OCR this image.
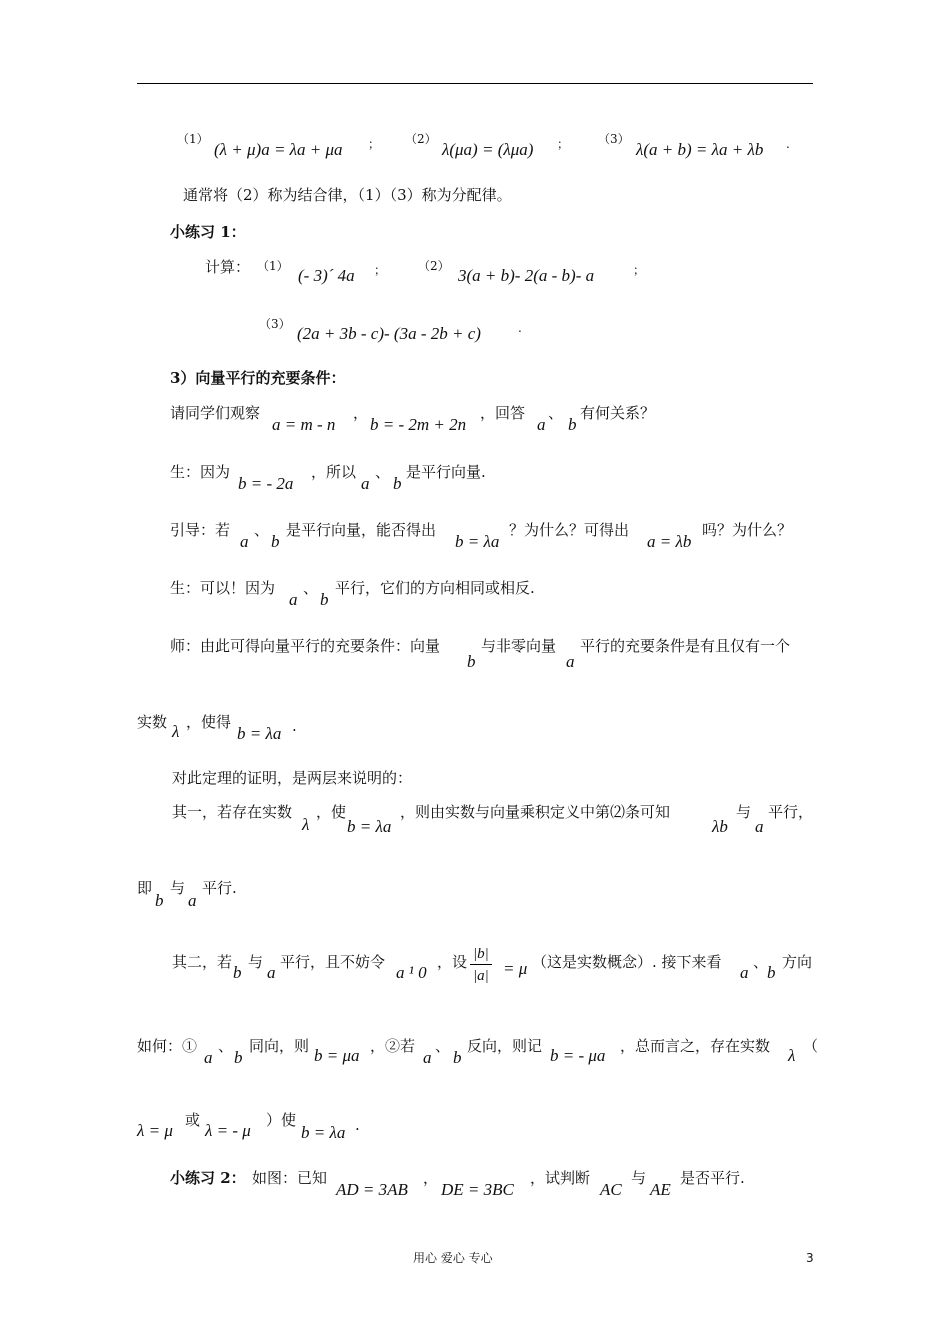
（1）
(λ + μ)a = λa + μa ； （2）
λ(μa) = (λμa) ； （3）
λ(a + b) = λa + λb .
通常将（2）称为结合律，（1）（3）称为分配律。
小练习 1：
计算： （1） (- 3)´ 4a ；	（2） 3(a + b)- 2(a - b)- a	；
（3） (2a + 3b - c)- (3a - 2b + c)	.
3）向量平行的充要条件：
请同学们观察
a = m - n
，
b = - 2m + 2n
，回答
a
、
b
有何关系？
生：因为
b = - 2a
，所以
a
、
b
是平行向量.
引导：若
a
、
b
是平行向量，能否得出
b = λa
？为什么？可得出
a = λb
吗？为什么？
生：可以！因为
a
、
b
平行，它们的方向相同或相反.
师：由此可得向量平行的充要条件：向量
b
与非零向量
a
平行的充要条件是有且仅有一个
实数 λ ，使得
b = λa .
对此定理的证明，是两层来说明的：
其一，若存在实数
λ
，使
b = λa
，则由实数与向量乘积定义中第⑵条可知
λb
与
a
平行，
即
b
与
a
平行.
其二，若
b
与
a
平行，且不妨令
a ¹ 0
，设 $\frac{|b|}{|a|} = \mu$ （这是实数概念）. 接下来看
a
、
b
方向
如何：①
a
、
b
同向，则 b = μa ，②若
a
、
b
反向，则记 b = - μa ，总而言之，存在实数 λ （
λ = μ
或
λ = - μ
）使
b = λa .
小练习 2： 如图：已知
AD = 3AB
，
DE = 3BC
，试判断
AC
与
AE
是否平行.
用心 爱心 专心	3
